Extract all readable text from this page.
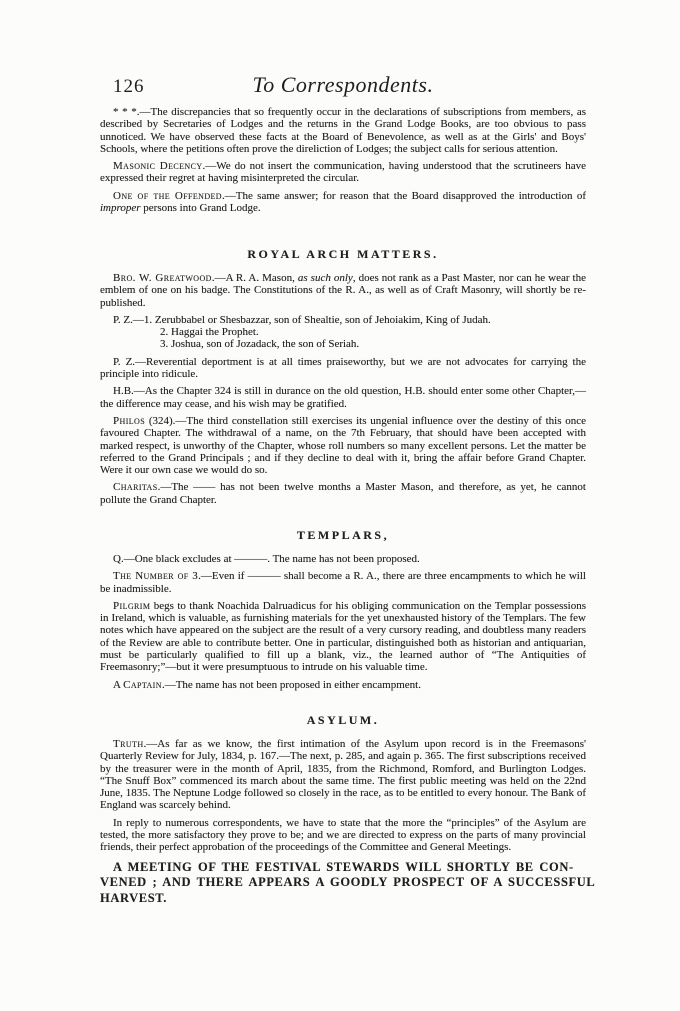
126	To Correspondents.

* * *.—The discrepancies that so frequently occur in the declarations of subscriptions from members, as described by Secretaries of Lodges and the returns in the Grand Lodge Books, are too obvious to pass unnoticed. We have observed these facts at the Board of Benevolence, as well as at the Girls' and Boys' Schools, where the petitions often prove the direliction of Lodges; the subject calls for serious attention.

Masonic Decency.—We do not insert the communication, having understood that the scrutineers have expressed their regret at having misinterpreted the circular.

One of the Offended.—The same answer; for reason that the Board disapproved the introduction of improper persons into Grand Lodge.

ROYAL ARCH MATTERS.

Bro. W. Greatwood.—A R. A. Mason, as such only, does not rank as a Past Master, nor can he wear the emblem of one on his badge. The Constitutions of the R. A., as well as of Craft Masonry, will shortly be re-published.

P. Z.—1. Zerubbabel or Shesbazzar, son of Shealtie, son of Jehoiakim, King of Judah.
2. Haggai the Prophet.
3. Joshua, son of Jozadack, the son of Seriah.

P. Z.—Reverential deportment is at all times praiseworthy, but we are not advocates for carrying the principle into ridicule.

H.B.—As the Chapter 324 is still in durance on the old question, H.B. should enter some other Chapter,—the difference may cease, and his wish may be gratified.

Philos (324).—The third constellation still exercises its ungenial influence over the destiny of this once favoured Chapter. The withdrawal of a name, on the 7th February, that should have been accepted with marked respect, is unworthy of the Chapter, whose roll numbers so many excellent persons. Let the matter be referred to the Grand Principals ; and if they decline to deal with it, bring the affair before Grand Chapter. Were it our own case we would do so.

Charitas.—The —— has not been twelve months a Master Mason, and therefore, as yet, he cannot pollute the Grand Chapter.

TEMPLARS,

Q.—One black excludes at ———. The name has not been proposed.

The Number of 3.—Even if ——— shall become a R. A., there are three encampments to which he will be inadmissible.

Pilgrim begs to thank Noachida Dalruadicus for his obliging communication on the Templar possessions in Ireland, which is valuable, as furnishing materials for the yet unexhausted history of the Templars. The few notes which have appeared on the subject are the result of a very cursory reading, and doubtless many readers of the Review are able to contribute better. One in particular, distinguished both as historian and antiquarian, must be particularly qualified to fill up a blank, viz., the learned author of “The Antiquities of Freemasonry;”—but it were presumptuous to intrude on his valuable time.

A Captain.—The name has not been proposed in either encampment.

ASYLUM.

Truth.—As far as we know, the first intimation of the Asylum upon record is in the Freemasons' Quarterly Review for July, 1834, p. 167.—The next, p. 285, and again p. 365. The first subscriptions received by the treasurer were in the month of April, 1835, from the Richmond, Romford, and Burlington Lodges. “The Snuff Box” commenced its march about the same time. The first public meeting was held on the 22nd June, 1835. The Neptune Lodge followed so closely in the race, as to be entitled to every honour. The Bank of England was scarcely behind.

In reply to numerous correspondents, we have to state that the more the “principles” of the Asylum are tested, the more satisfactory they prove to be; and we are directed to express on the parts of many provincial friends, their perfect approbation of the proceedings of the Committee and General Meetings.

A MEETING OF THE FESTIVAL STEWARDS WILL SHORTLY BE CON-
VENED ; AND THERE APPEARS A GOODLY PROSPECT OF A SUCCESSFUL
HARVEST.
